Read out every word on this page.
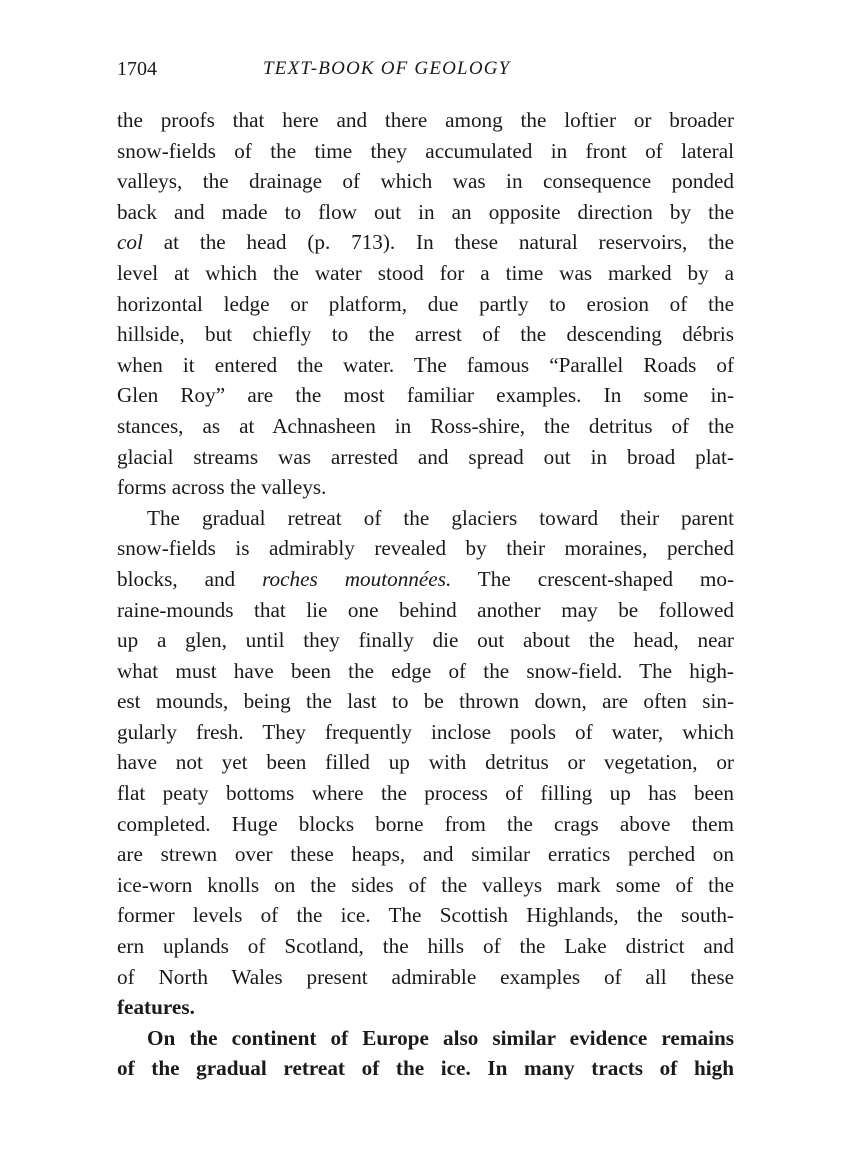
1704	TEXT-BOOK OF GEOLOGY
the proofs that here and there among the loftier or broader
snow-fields of the time they accumulated in front of lateral
valleys, the drainage of which was in consequence ponded
back and made to flow out in an opposite direction by the
col at the head (p. 713). In these natural reservoirs, the
level at which the water stood for a time was marked by a
horizontal ledge or platform, due partly to erosion of the
hillside, but chiefly to the arrest of the descending débris
when it entered the water. The famous “Parallel Roads of
Glen Roy” are the most familiar examples. In some in-
stances, as at Achnasheen in Ross-shire, the detritus of the
glacial streams was arrested and spread out in broad plat-
forms across the valleys.
The gradual retreat of the glaciers toward their parent
snow-fields is admirably revealed by their moraines, perched
blocks, and roches moutonnées. The crescent-shaped mo-
raine-mounds that lie one behind another may be followed
up a glen, until they finally die out about the head, near
what must have been the edge of the snow-field. The high-
est mounds, being the last to be thrown down, are often sin-
gularly fresh. They frequently inclose pools of water, which
have not yet been filled up with detritus or vegetation, or
flat peaty bottoms where the process of filling up has been
completed. Huge blocks borne from the crags above them
are strewn over these heaps, and similar erratics perched on
ice-worn knolls on the sides of the valleys mark some of the
former levels of the ice. The Scottish Highlands, the south-
ern uplands of Scotland, the hills of the Lake district and
of North Wales present admirable examples of all these
features.
On the continent of Europe also similar evidence remains
of the gradual retreat of the ice. In many tracts of high
